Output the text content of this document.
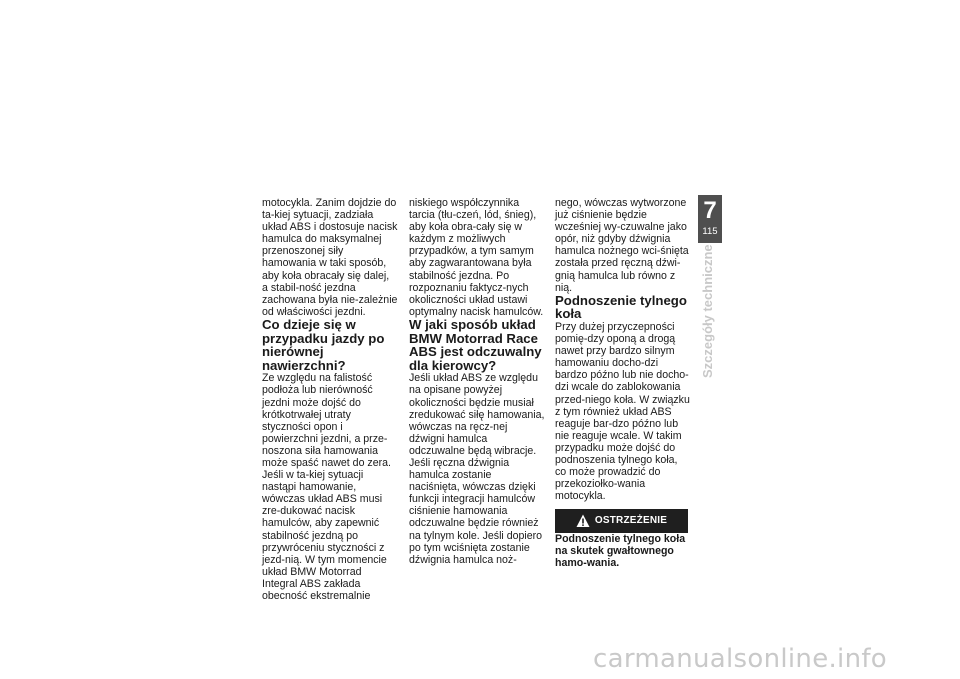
motocykla. Zanim dojdzie do ta-kiej sytuacji, zadziała układ ABS i dostosuje nacisk hamulca do maksymalnej przenoszonej siły hamowania w taki sposób, aby koła obracały się dalej, a stabil-ność jezdna zachowana była nie-zależnie od właściwości jezdni.

Co dzieje się w przypadku jazdy po nierównej nawierzchni?

Ze względu na falistość podłoża lub nierówność jezdni może dojść do krótkotrwałej utraty styczności opon i powierzchni jezdni, a prze-noszona siła hamowania może spaść nawet do zera. Jeśli w ta-kiej sytuacji nastąpi hamowanie, wówczas układ ABS musi zre-dukować nacisk hamulców, aby zapewnić stabilność jezdną po przywróceniu styczności z jezd-nią. W tym momencie układ BMW Motorrad Integral ABS zakłada obecność ekstremalnie

niskiego współczynnika tarcia (tłu-czeń, lód, śnieg), aby koła obra-cały się w każdym z możliwych przypadków, a tym samym aby zagwarantowana była stabilność jezdna. Po rozpoznaniu faktycz-nych okoliczności układ ustawi optymalny nacisk hamulców.

W jaki sposób układ BMW Motorrad Race ABS jest odczuwalny dla kierowcy?

Jeśli układ ABS ze względu na opisane powyżej okoliczności będzie musiał zredukować siłę hamowania, wówczas na ręcz-nej dźwigni hamulca odczuwalne będą wibracje.

Jeśli ręczna dźwignia hamulca zostanie naciśnięta, wówczas dzięki funkcji integracji hamulców ciśnienie hamowania odczuwalne będzie również na tylnym kole. Jeśli dopiero po tym wciśnięta zostanie dźwignia hamulca noż-

nego, wówczas wytworzone już ciśnienie będzie wcześniej wy-czuwalne jako opór, niż gdyby dźwignia hamulca nożnego wci-śnięta została przed ręczną dźwi-gnią hamulca lub równo z nią.

Podnoszenie tylnego koła

Przy dużej przyczepności pomię-dzy oponą a drogą nawet przy bardzo silnym hamowaniu docho-dzi bardzo późno lub nie docho-dzi wcale do zablokowania przed-niego koła. W związku z tym również układ ABS reaguje bar-dzo późno lub nie reaguje wcale. W takim przypadku może dojść do podnoszenia tylnego koła, co może prowadzić do przekoziołko-wania motocykla.

OSTRZEŻENIE

Podnoszenie tylnego koła na skutek gwałtownego hamo-wania.

7
115
Szczegóły techniczne
carmanualsonline.info
